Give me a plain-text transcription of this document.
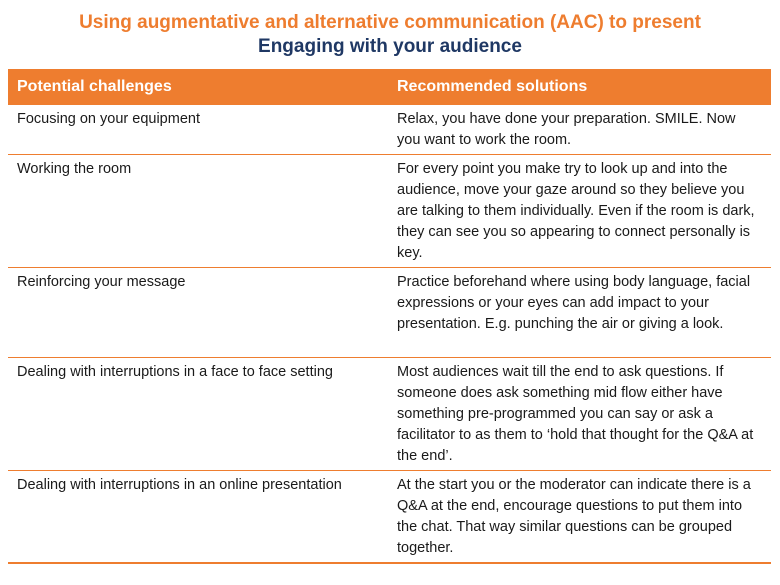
Using augmentative and alternative communication (AAC) to present

Engaging with your audience

Potential challenges	Recommended solutions
Focusing on your equipment	Relax, you have done your preparation. SMILE. Now you want to work the room.
Working the room	For every point you make try to look up and into the audience, move your gaze around so they believe you are talking to them individually. Even if the room is dark, they can see you so appearing to connect personally is key.
Reinforcing your message	Practice beforehand where using body language, facial expressions or your eyes can add impact to your presentation. E.g. punching the air or giving a look.
Dealing with interruptions in a face to face setting	Most audiences wait till the end to ask questions. If someone does ask something mid flow either have something pre-programmed you can say or ask a facilitator to as them to ‘hold that thought for the Q&A at the end’.
Dealing with interruptions in an online presentation	At the start you or the moderator can indicate there is a Q&A at the end, encourage questions to put them into the chat. That way similar questions can be grouped together.
